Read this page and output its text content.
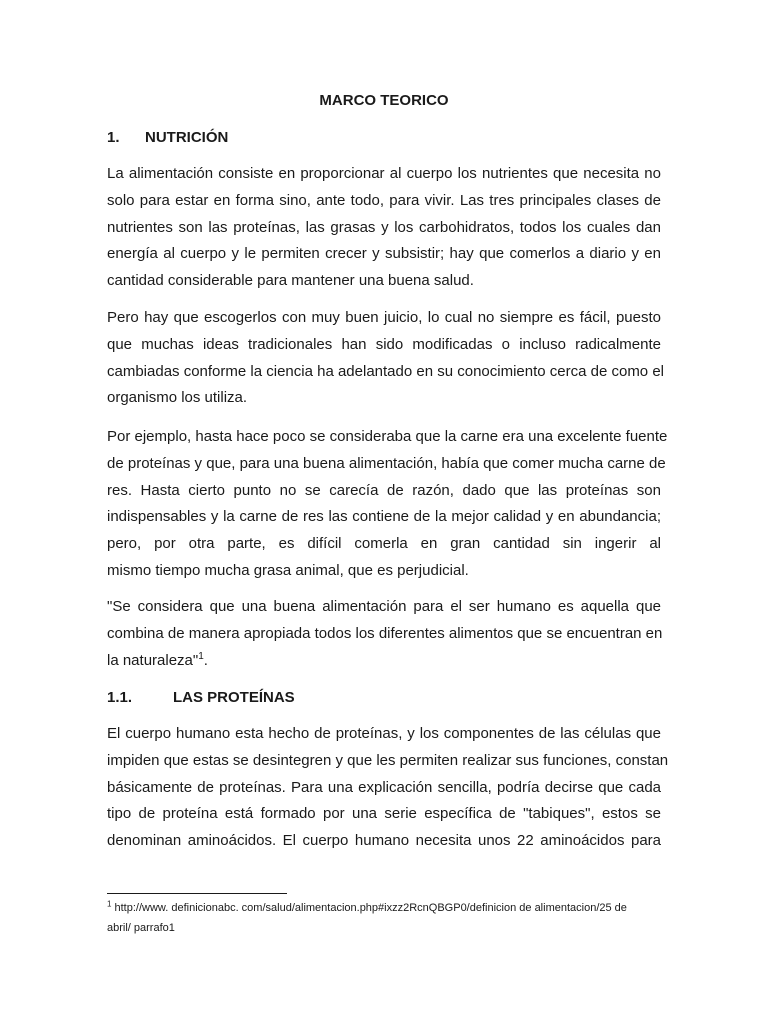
MARCO TEORICO
1. NUTRICIÓN
La alimentación consiste en proporcionar al cuerpo los nutrientes que necesita no
solo para estar en forma sino, ante todo, para vivir. Las tres principales clases de
nutrientes son las proteínas, las grasas y los carbohidratos, todos los cuales dan
energía al cuerpo y le permiten crecer y subsistir; hay que comerlos a diario y en
cantidad considerable para mantener una buena salud.
Pero hay que escogerlos con muy buen juicio, lo cual no siempre es fácil, puesto
que muchas ideas tradicionales han sido modificadas o incluso radicalmente
cambiadas conforme la ciencia ha adelantado en su conocimiento cerca de como el
organismo los utiliza.
Por ejemplo, hasta hace poco se consideraba que la carne era una excelente fuente
de proteínas y que, para una buena alimentación, había que comer mucha carne de
res. Hasta cierto punto no se carecía de razón, dado que las proteínas son
indispensables y la carne de res las contiene de la mejor calidad y en abundancia;
pero, por otra parte, es difícil comerla en gran cantidad sin ingerir al
mismo tiempo mucha grasa animal, que es perjudicial.
"Se considera que una buena alimentación para el ser humano es aquella que
combina de manera apropiada todos los diferentes alimentos que se encuentran en
la naturaleza"$^1$.
1.1.	LAS PROTEÍNAS
El cuerpo humano esta hecho de proteínas, y los componentes de las células que
impiden que estas se desintegren y que les permiten realizar sus funciones, constan
básicamente de proteínas. Para una explicación sencilla, podría decirse que cada
tipo de proteína está formado por una serie específica de "tabiques", estos se
denominan aminoácidos. El cuerpo humano necesita unos 22 aminoácidos para
$^1$ http://www. definicionabc. com/salud/alimentacion.php#ixzz2RcnQBGP0/definicion de alimentacion/25 de
abril/ parrafo1
